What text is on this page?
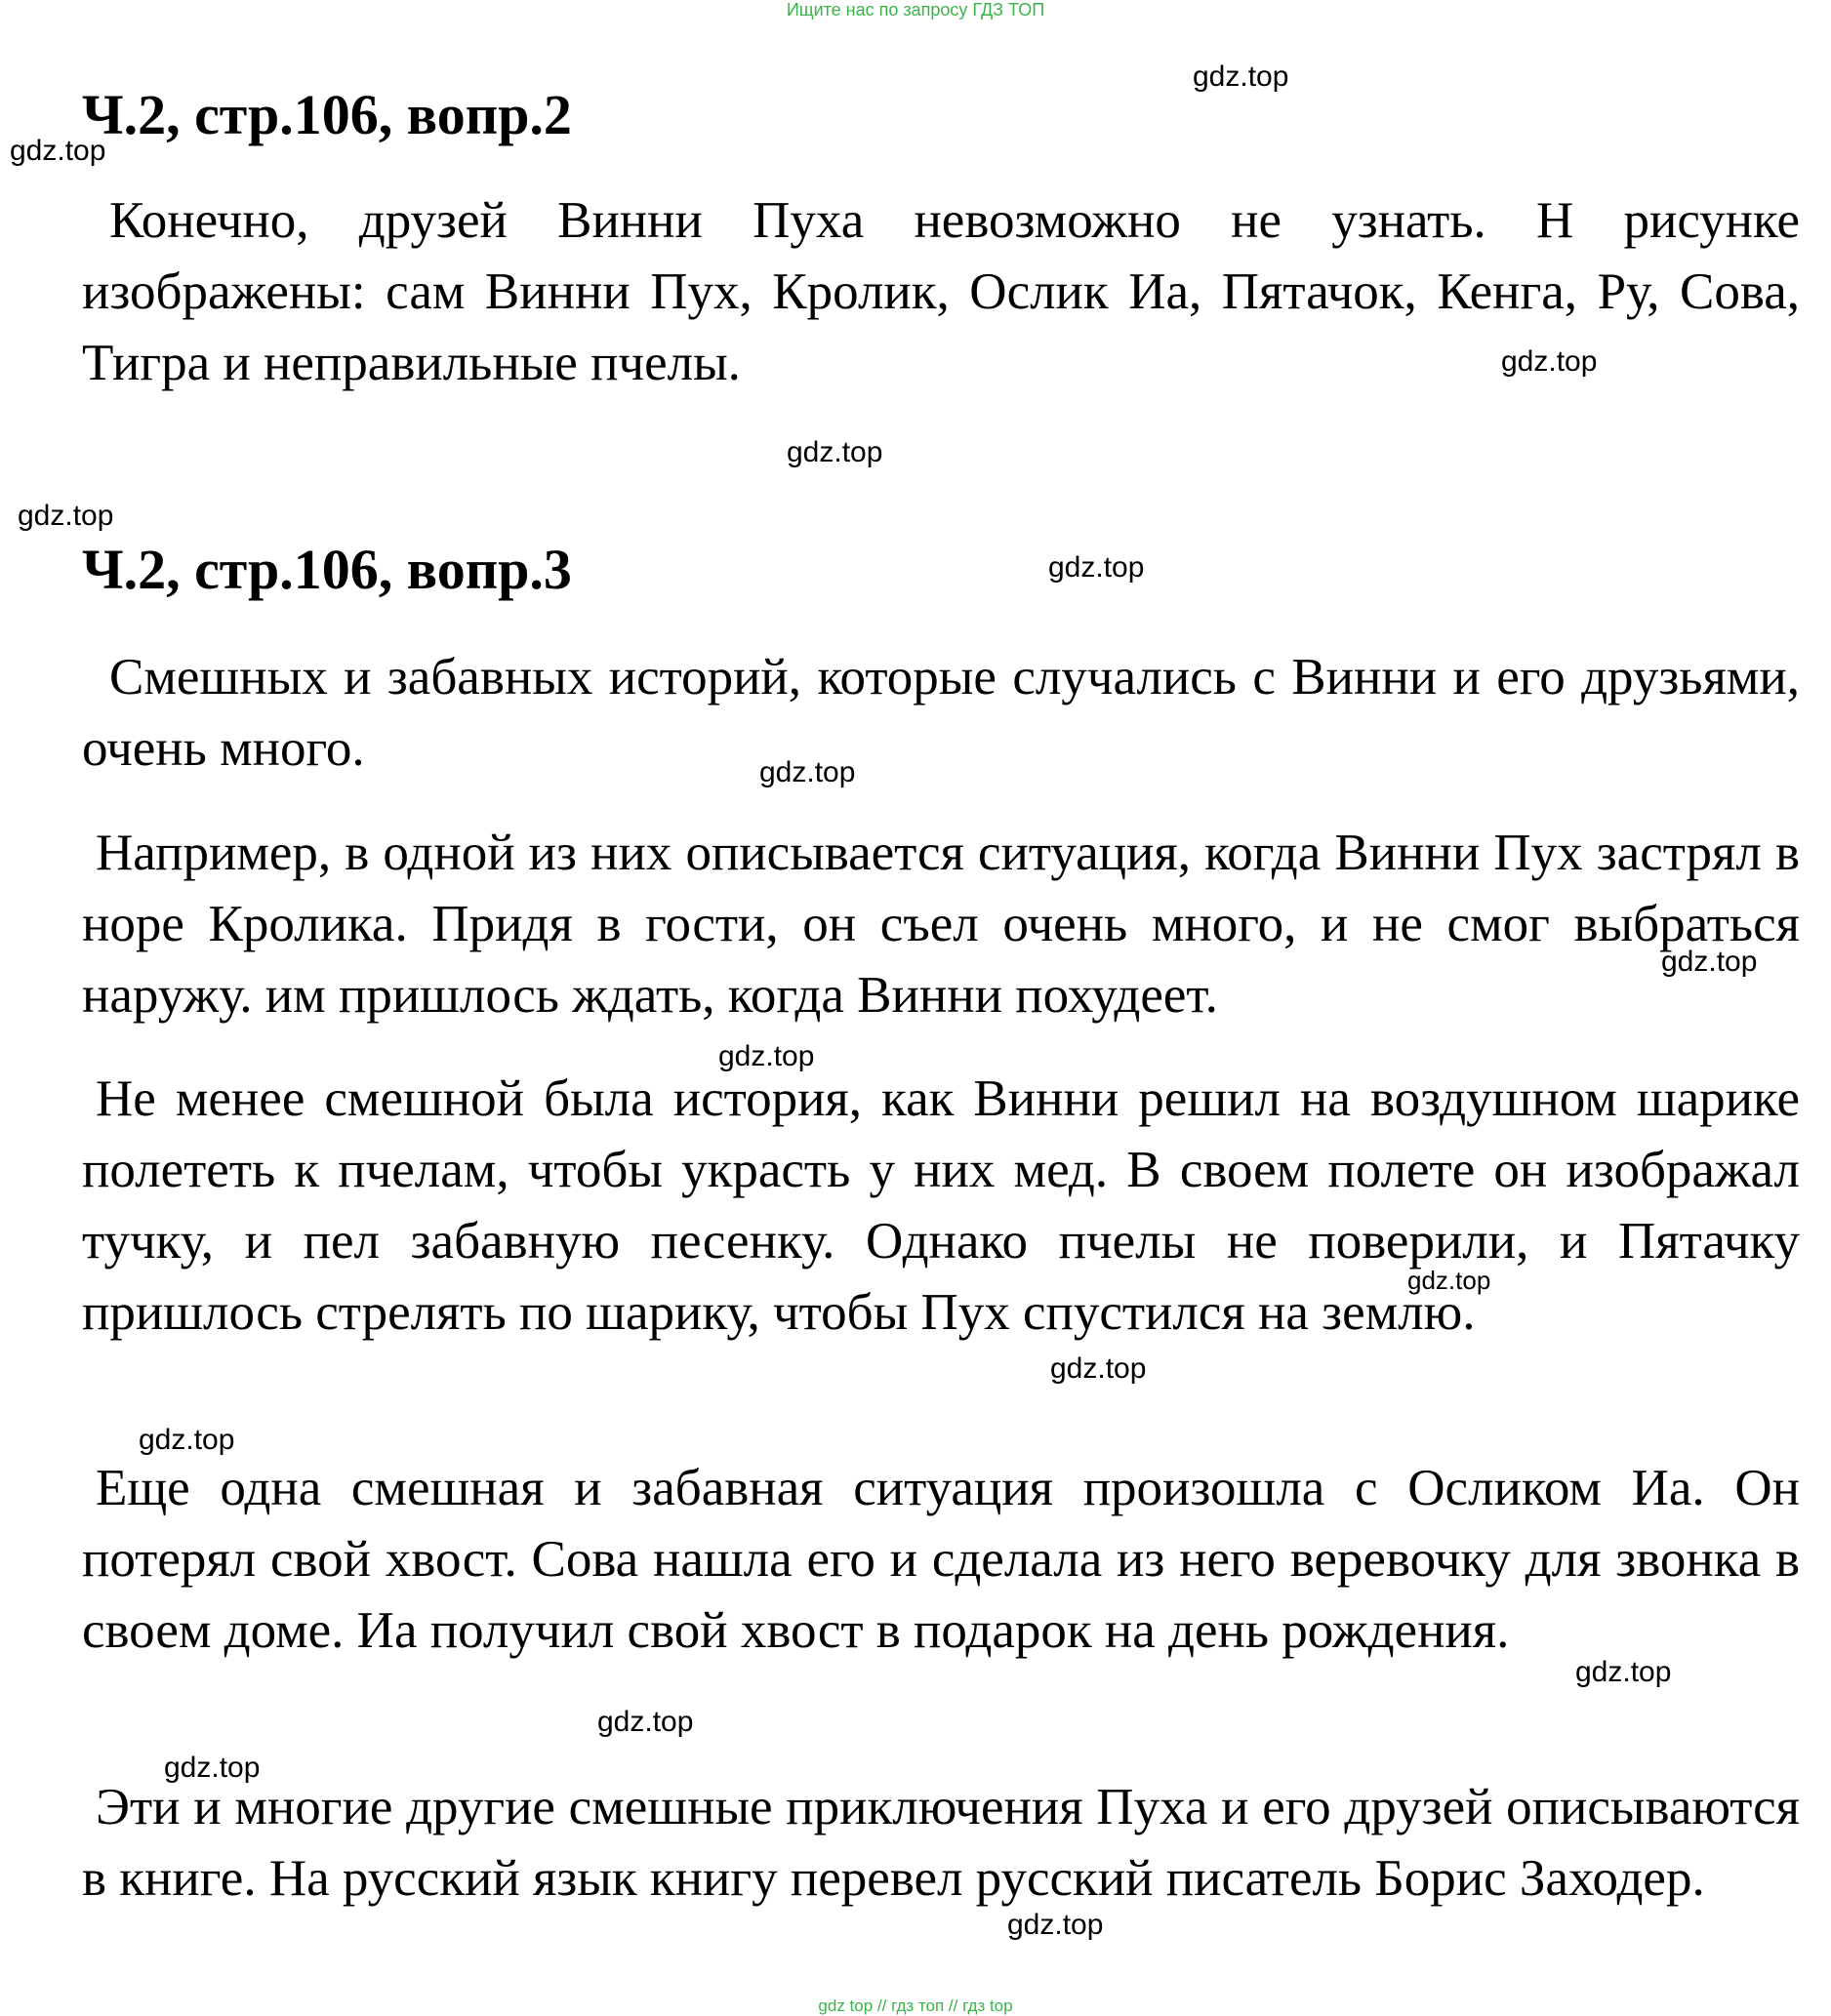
Ищите нас по запросу ГДЗ ТОП
Ч.2, стр.106, вопр.2

Конечно, друзей Винни Пуха невозможно не узнать. Н рисунке изображены: сам Винни Пух, Кролик, Ослик Иа, Пятачок, Кенга, Ру, Сова, Тигра и неправильные пчелы.

Ч.2, стр.106, вопр.3

Смешных и забавных историй, которые случались с Винни и его друзьями, очень много.

Например, в одной из них описывается ситуация, когда Винни Пух застрял в норе Кролика. Придя в гости, он съел очень много, и не смог выбраться наружу. им пришлось ждать, когда Винни похудеет.

Не менее смешной была история, как Винни решил на воздушном шарике полететь к пчелам, чтобы украсть у них мед. В своем полете он изображал тучку, и пел забавную песенку. Однако пчелы не поверили, и Пятачку пришлось стрелять по шарику, чтобы Пух спустился на землю.

Еще одна смешная и забавная ситуация произошла с Осликом Иа. Он потерял свой хвост. Сова нашла его и сделала из него веревочку для звонка в своем доме. Иа получил свой хвост в подарок на день рождения.

Эти и многие другие смешные приключения Пуха и его друзей описываются в книге. На русский язык книгу перевел русский писатель Борис Заходер.

gdz.top
gdz.top
gdz.top
gdz.top
gdz.top
gdz.top
gdz.top
gdz.top
gdz.top
gdz.top
gdz.top
gdz.top
gdz.top
gdz.top
gdz.top
gdz.top
gdz top // гдз топ // гдз top
